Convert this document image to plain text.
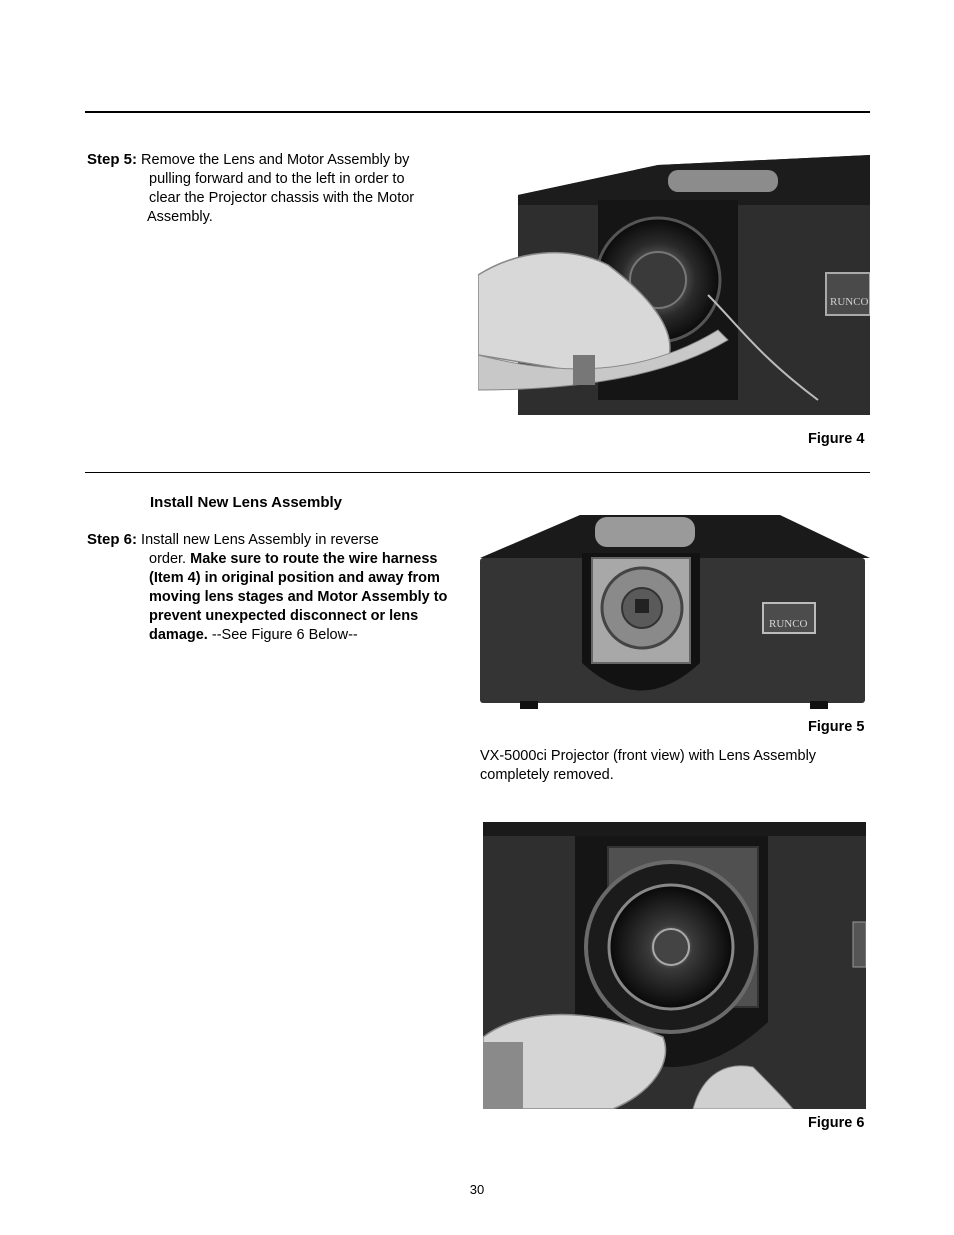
Step 5: Remove the Lens and Motor Assembly by
pulling forward and to the left in order to
clear the Projector chassis with the Motor
Assembly.
RUNCO
Figure 4
Install New Lens Assembly
Step 6: Install new Lens Assembly in reverse
order. Make sure to route the wire harness
(Item 4) in original position and away from
moving lens stages and Motor Assembly to
prevent unexpected disconnect or lens
damage. --See Figure 6 Below--
RUNCO
Figure 5
VX-5000ci Projector (front view) with Lens Assembly
completely removed.
Figure 6
30
